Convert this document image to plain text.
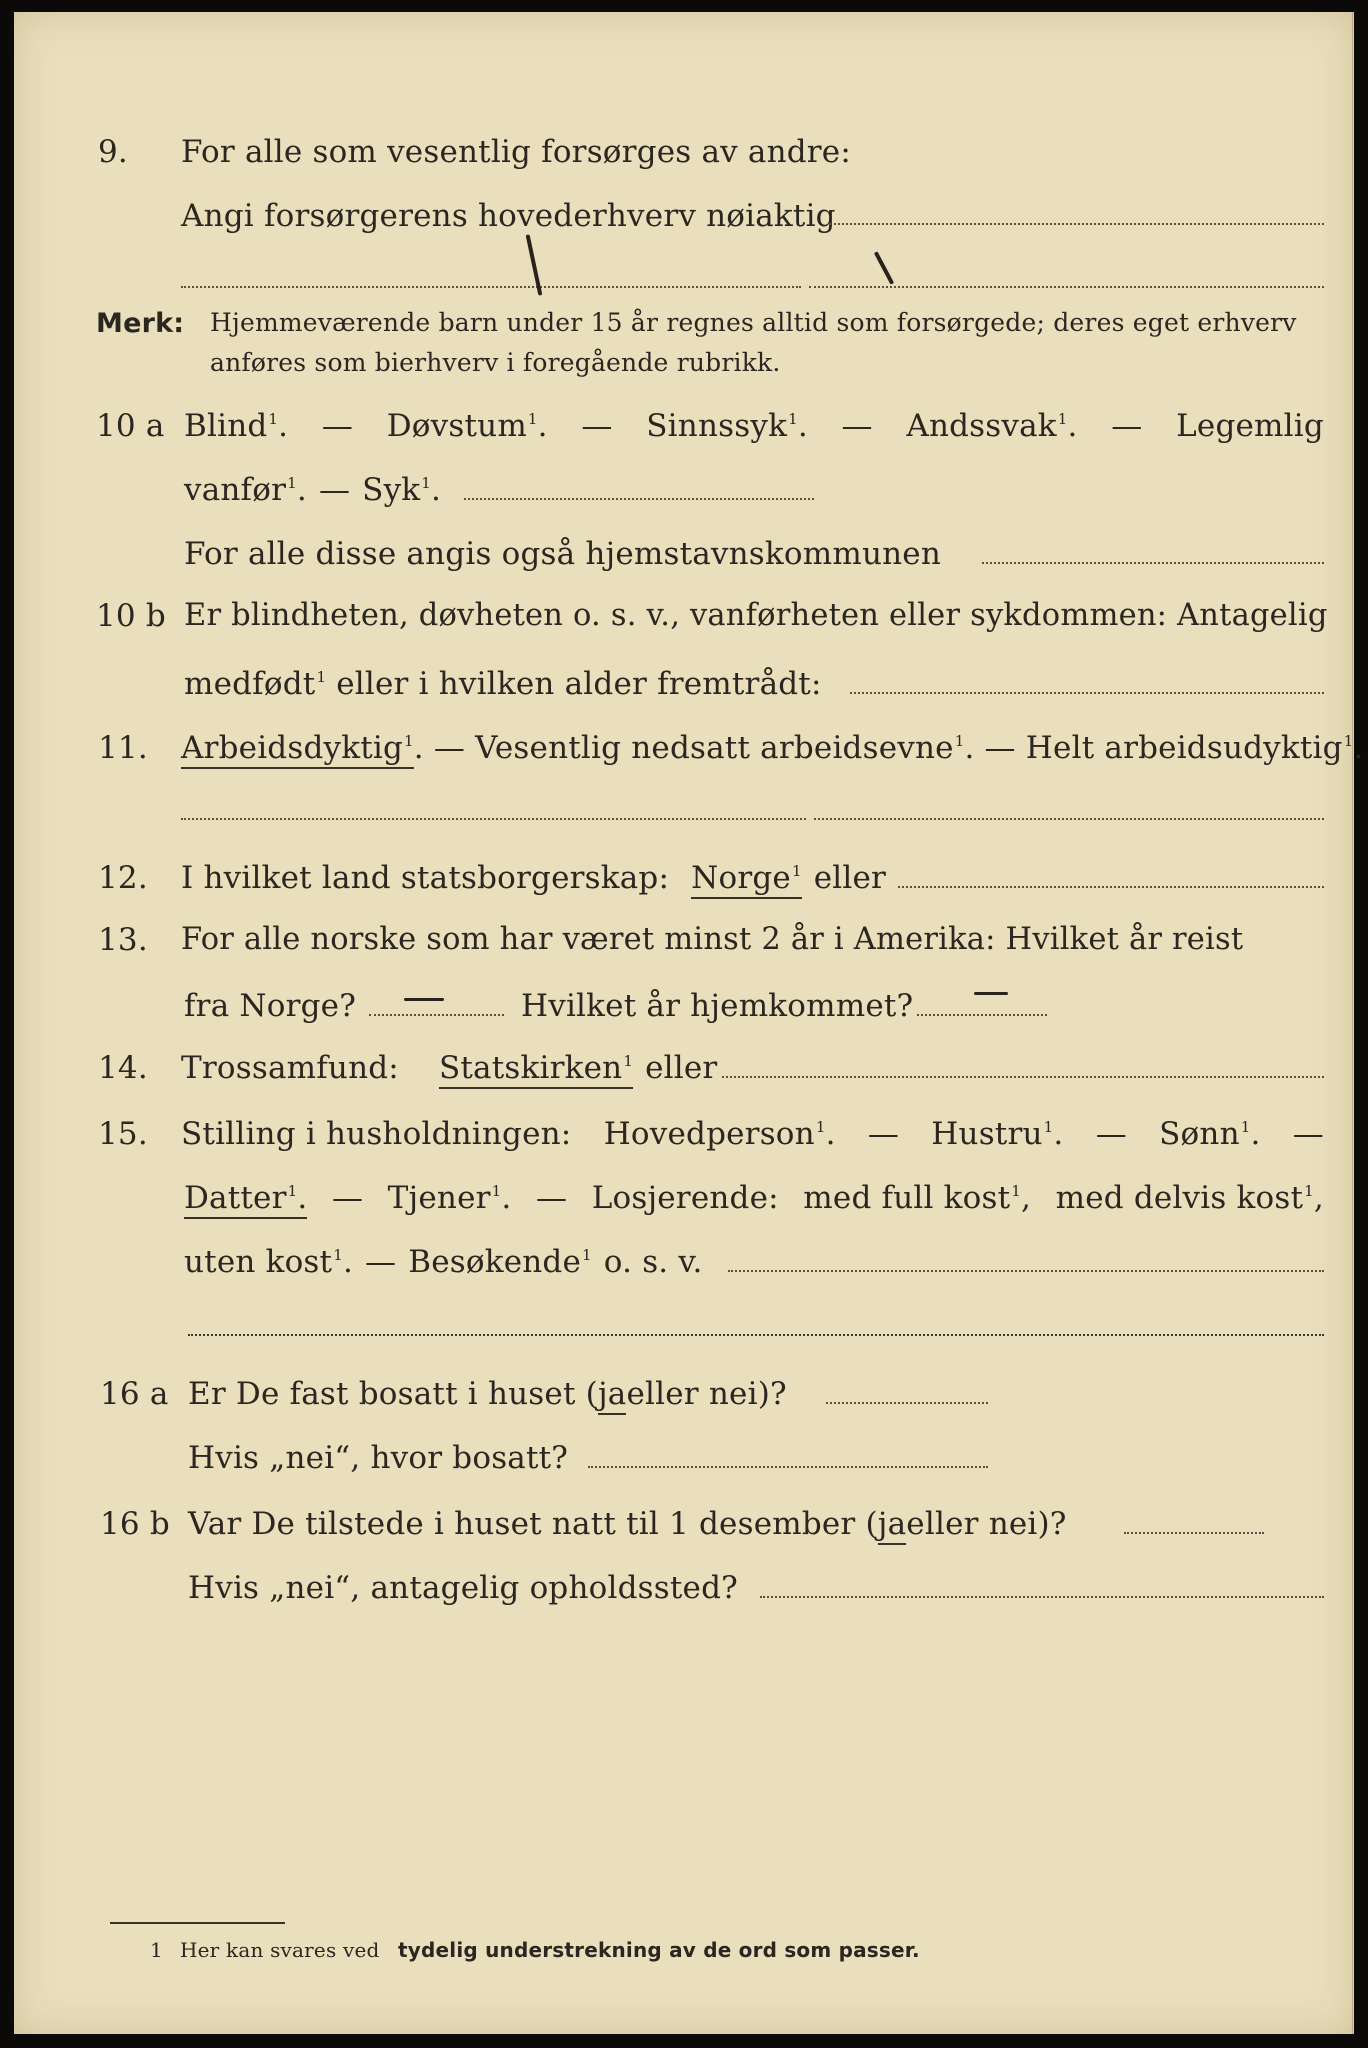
9. For alle som vesentlig forsørges av andre:
Angi forsørgerens hovederhverv nøiaktig
Merk: Hjemmeværende barn under 15 år regnes alltid som forsørgede; deres eget erhverv
anføres som bierhverv i foregående rubrikk.
10 a Blind$^1$. — Døvstum$^1$. — Sinnssyk$^1$. — Andssvak$^1$. — Legemlig
vanfør$^1$. — Syk$^1$.
For alle disse angis også hjemstavnskommunen
10 b Er blindheten, døvheten o. s. v., vanførheten eller sykdommen: Antagelig
medfødt$^1$ eller i hvilken alder fremtrådt:
11. Arbeidsdyktig$^1$ . — Vesentlig nedsatt arbeidsevne$^1$. — Helt arbeidsudyktig$^1$.
12. I hvilket land statsborgerskap: Norge$^1$ eller
13. For alle norske som har været minst 2 år i Amerika: Hvilket år reist
fra Norge?	Hvilket år hjemkommet?
14. Trossamfund: Statskirken$^1$ eller
15. Stilling i husholdningen: Hovedperson$^1$. — Hustru$^1$. — Sønn$^1$. —
Datter$^1$. — Tjener$^1$. — Losjerende: med full kost$^1$, med delvis kost$^1$,
uten kost$^1$. — Besøkende$^1$ o. s. v.
16 a Er De fast bosatt i huset ( ja eller nei)?
Hvis „nei“, hvor bosatt?
16 b Var De tilstede i huset natt til 1 desember ( ja eller nei)?
Hvis „nei“, antagelig opholdssted?
1 Her kan svares ved tydelig understrekning av de ord som passer.
